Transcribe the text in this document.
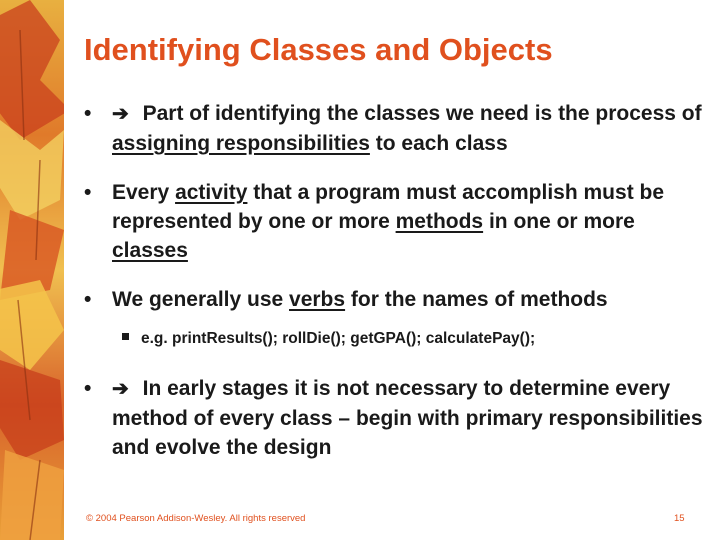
Identifying Classes and Objects
•	➔ Part of identifying the classes we need is the process of assigning responsibilities to each class
• Every activity that a program must accomplish must be represented by one or more methods in one or more classes
• We generally use verbs for the names of methods
e.g. printResults(); rollDie(); getGPA(); calculatePay();
•	➔ In early stages it is not necessary to determine every method of every class – begin with primary responsibilities and evolve the design
© 2004 Pearson Addison-Wesley. All rights reserved	15
